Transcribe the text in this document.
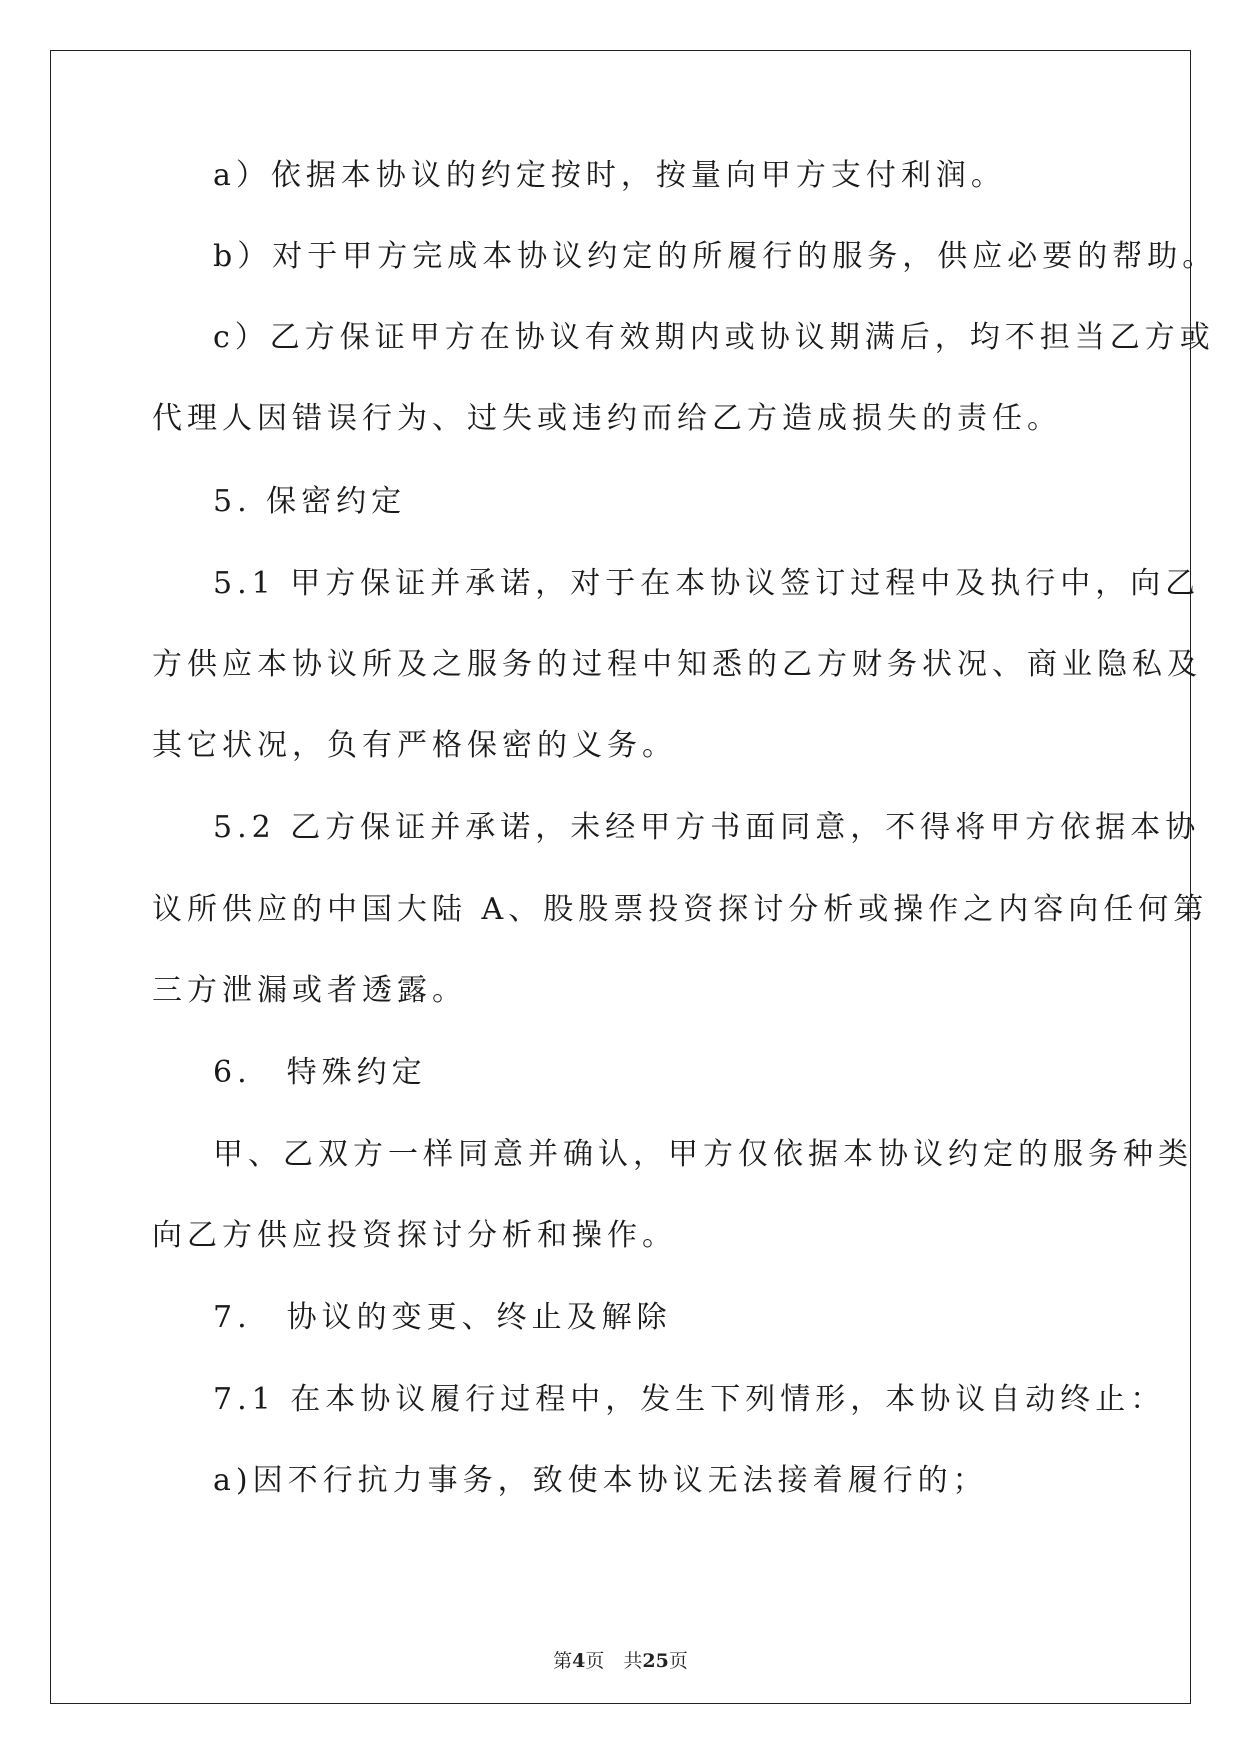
a）依据本协议的约定按时，按量向甲方支付利润。
b）对于甲方完成本协议约定的所履行的服务，供应必要的帮助。
c）乙方保证甲方在协议有效期内或协议期满后，均不担当乙方或
代理人因错误行为、过失或违约而给乙方造成损失的责任。
5. 保密约定
5.1 甲方保证并承诺，对于在本协议签订过程中及执行中，向乙
方供应本协议所及之服务的过程中知悉的乙方财务状况、商业隐私及
其它状况，负有严格保密的义务。
5.2 乙方保证并承诺，未经甲方书面同意，不得将甲方依据本协
议所供应的中国大陆 A、股股票投资探讨分析或操作之内容向任何第
三方泄漏或者透露。
6.　特殊约定
甲、乙双方一样同意并确认，甲方仅依据本协议约定的服务种类
向乙方供应投资探讨分析和操作。
7.　协议的变更、终止及解除
7.1 在本协议履行过程中，发生下列情形，本协议自动终止：
a)因不行抗力事务，致使本协议无法接着履行的；
第4页  共25页
